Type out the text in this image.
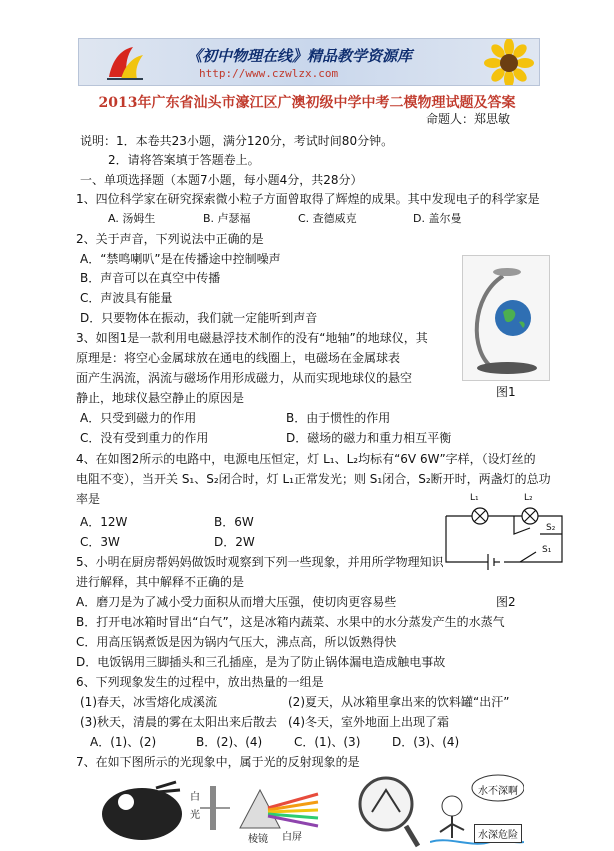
《初中物理在线》精品教学资源库
http://www.czwlzx.com
2013年广东省汕头市濠江区广澳初级中学中考二模物理试题及答案
命题人：郑思敏
说明：1．本卷共23小题，满分120分，考试时间80分钟。
2．请将答案填于答题卷上。
一、单项选择题（本题7小题，每小题4分，共28分）
1、四位科学家在研究探索微小粒子方面曾取得了辉煌的成果。其中发现电子的科学家是
A. 汤姆生	B. 卢瑟福	C. 查德威克	D. 盖尔曼
2、关于声音，下列说法中正确的是
A．“禁鸣喇叭”是在传播途中控制噪声
B．声音可以在真空中传播
C．声波具有能量
D．只要物体在振动，我们就一定能听到声音
图1
3、如图1是一款利用电磁悬浮技术制作的没有“地轴”的地球仪，其
原理是：将空心金属球放在通电的线圈上，电磁场在金属球表
面产生涡流，涡流与磁场作用形成磁力，从而实现地球仪的悬空
静止，地球仪悬空静止的原因是
A．只受到磁力的作用	B．由于惯性的作用
C．没有受到重力的作用	D．磁场的磁力和重力相互平衡
4、在如图2所示的电路中，电源电压恒定，灯 L₁、L₂均标有“6V 6W”字样，（设灯丝的
电阻不变），当开关 S₁、S₂闭合时，灯 L₁正常发光；则 S₁闭合，S₂断开时，两盏灯的总功
率是
A．12W	B．6W
C．3W	D．2W
L₁	L₂
S₂
S₁
图2
5、小明在厨房帮妈妈做饭时观察到下列一些现象，并用所学物理知识
进行解释，其中解释不正确的是
A．磨刀是为了减小受力面积从而增大压强，使切肉更容易些
B．打开电冰箱时冒出“白气”，这是冰箱内蔬菜、水果中的水分蒸发产生的水蒸气
C．用高压锅煮饭是因为锅内气压大，沸点高，所以饭熟得快
D．电饭锅用三脚插头和三孔插座，是为了防止锅体漏电造成触电事故
6、下列现象发生的过程中，放出热量的一组是
(1)春天，冰雪熔化成溪流	(2)夏天，从冰箱里拿出来的饮料罐“出汗”
(3)秋天，清晨的雾在太阳出来后散去 (4)冬天，室外地面上出现了霜
A．(1)、(2)	B．(2)、(4)	C．(1)、(3)	D．(3)、(4)
7、在如下图所示的光现象中，属于光的反射现象的是
白
光
棱镜 白屏
水不深啊
水深危险
